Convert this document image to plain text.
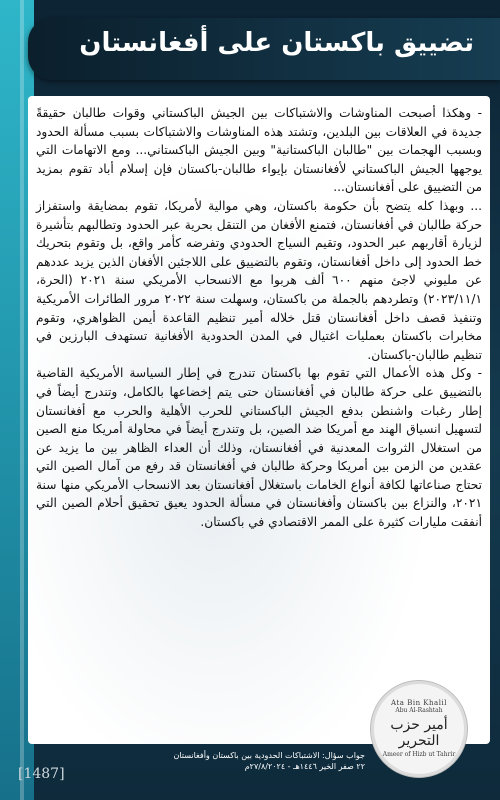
تضييق باكستان على أفغانستان

- وهكذا أصبحت المناوشات والاشتباكات بين الجيش الباكستاني وقوات طالبان حقيقةً جديدة في العلاقات بين البلدين، وتشتد هذه المناوشات والاشتباكات بسبب مسألة الحدود وبسبب الهجمات بين "طالبان الباكستانية" وبين الجيش الباكستاني... ومع الاتهامات التي يوجهها الجيش الباكستاني لأفغانستان بإيواء طالبان-باكستان فإن إسلام أباد تقوم بمزيد من التضييق على أفغانستان...

... وبهذا كله يتضح بأن حكومة باكستان، وهي موالية لأمريكا، تقوم بمضايقة واستفزاز حركة طالبان في أفغانستان، فتمنع الأفغان من التنقل بحرية عبر الحدود وتطالبهم بتأشيرة لزيارة أقاربهم عبر الحدود، وتقيم السياج الحدودي وتفرضه كأمر واقع، بل وتقوم بتحريك خط الحدود إلى داخل أفغانستان، وتقوم بالتضييق على اللاجئين الأفغان الذين يزيد عددهم عن مليوني لاجئ منهم ٦٠٠ ألف هربوا مع الانسحاب الأمريكي سنة ٢٠٢١ (الحرة، ٢٠٢٣/١١/١) وتطردهم بالجملة من باكستان، وسهلت سنة ٢٠٢٢ مرور الطائرات الأمريكية وتنفيذ قصف داخل أفغانستان قتل خلاله أمير تنظيم القاعدة أيمن الظواهري، وتقوم مخابرات باكستان بعمليات اغتيال في المدن الحدودية الأفغانية تستهدف البارزين في تنظيم طالبان-باكستان.

- وكل هذه الأعمال التي تقوم بها باكستان تندرج في إطار السياسة الأمريكية القاضية بالتضييق على حركة طالبان في أفغانستان حتى يتم إخضاعها بالكامل، وتندرج أيضاً في إطار رغبات واشنطن بدفع الجيش الباكستاني للحرب الأهلية والحرب مع أفغانستان لتسهيل انسياق الهند مع أمريكا ضد الصين، بل وتندرج أيضاً في محاولة أمريكا منع الصين من استغلال الثروات المعدنية في أفغانستان، وذلك أن العداء الظاهر بين ما يزيد عن عقدين من الزمن بين أمريكا وحركة طالبان في أفغانستان قد رفع من آمال الصين التي تحتاج صناعاتها لكافة أنواع الخامات باستغلال أفغانستان بعد الانسحاب الأمريكي منها سنة ٢٠٢١، والنزاع بين باكستان وأفغانستان في مسألة الحدود يعيق تحقيق أحلام الصين التي أنفقت مليارات كثيرة على الممر الاقتصادي في باكستان.

Ata Bin Khalil
Abu Al-Rashtah
أمير حزب التحرير
Ameer of Hizb ut Tahrir
جواب سؤال: الاشتباكات الحدودية بين باكستان وأفغانستان
٢٢ صفر الخير ١٤٤٦هـ - ٢٧/٨/٢٠٢٤م
[1487]
